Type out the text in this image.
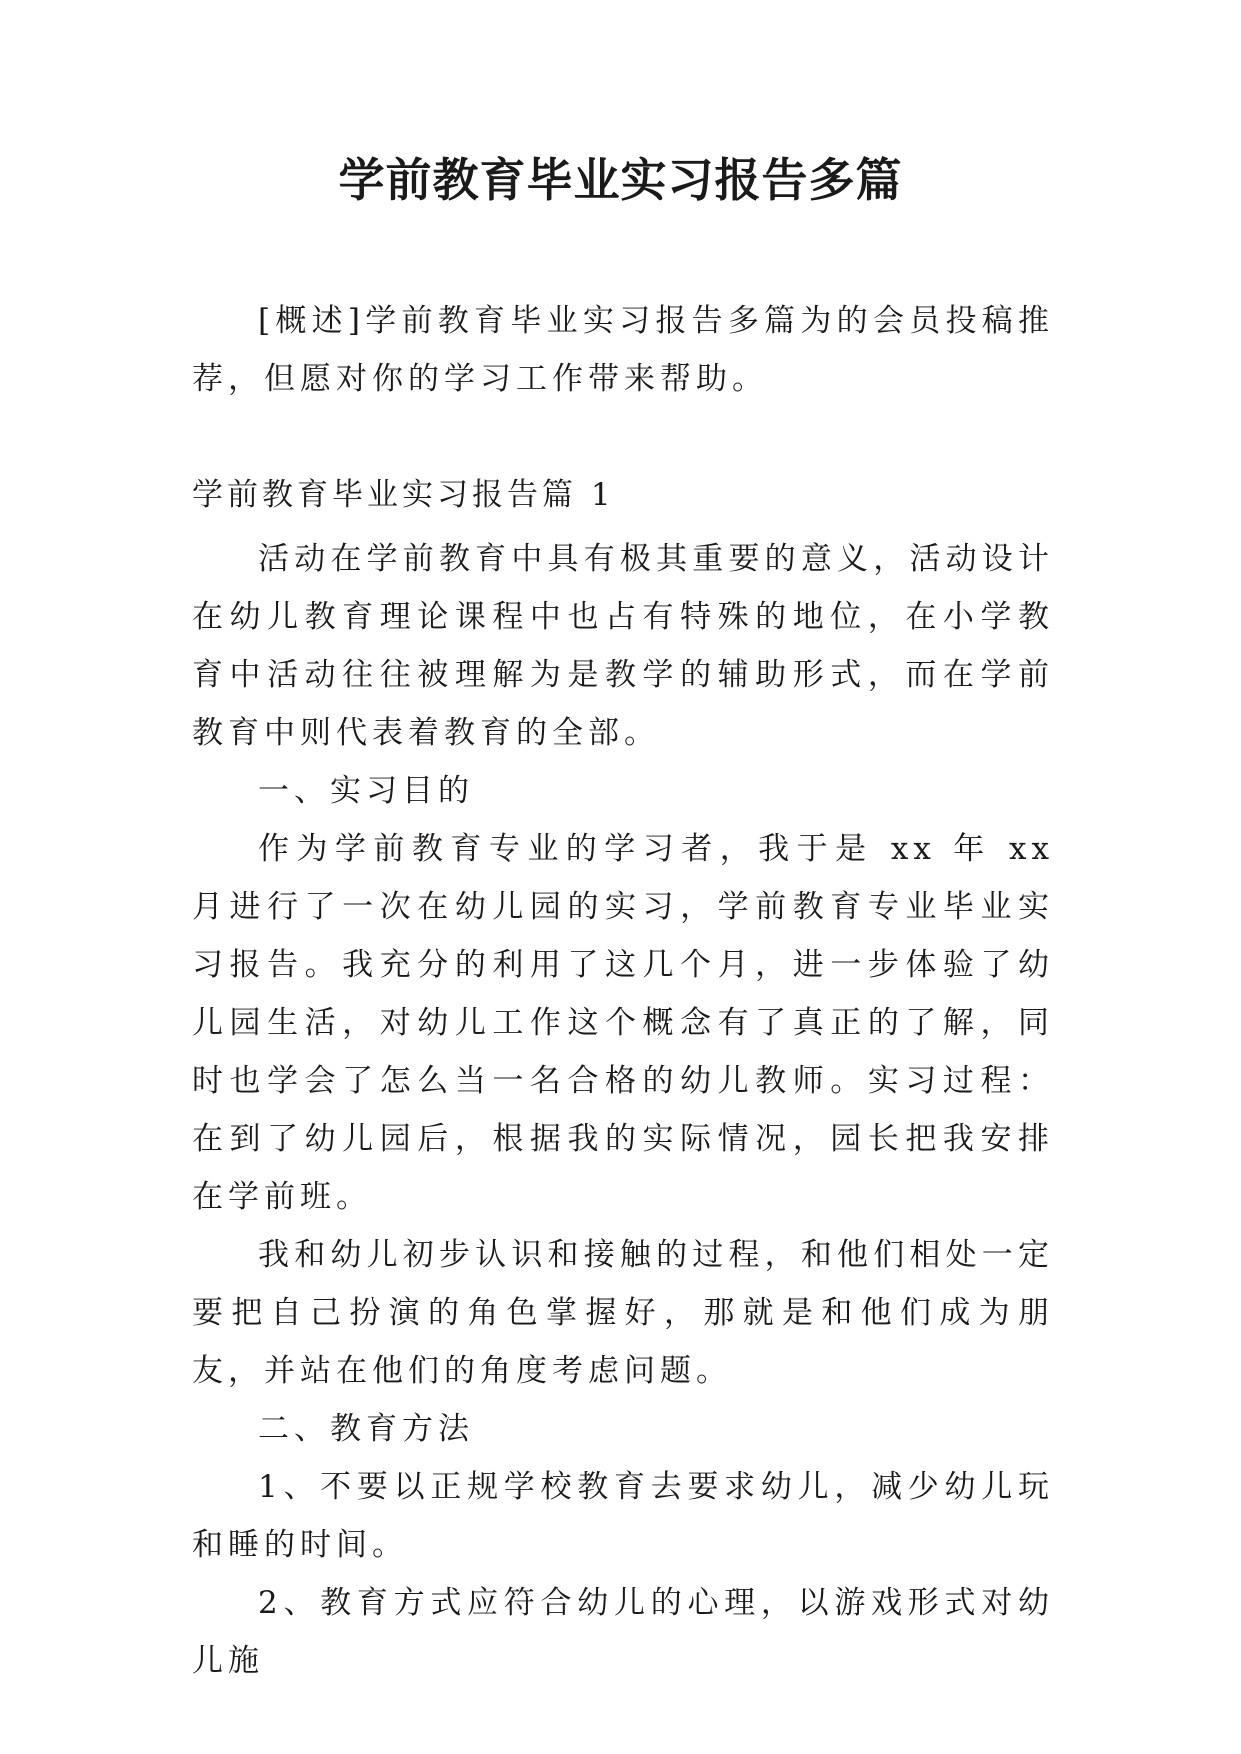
学前教育毕业实习报告多篇

[概述]学前教育毕业实习报告多篇为的会员投稿推荐，但愿对你的学习工作带来帮助。

学前教育毕业实习报告篇 1

活动在学前教育中具有极其重要的意义，活动设计在幼儿教育理论课程中也占有特殊的地位，在小学教育中活动往往被理解为是教学的辅助形式，而在学前教育中则代表着教育的全部。

一、实习目的

作为学前教育专业的学习者，我于是 xx 年 xx 月进行了一次在幼儿园的实习，学前教育专业毕业实习报告。我充分的利用了这几个月，进一步体验了幼儿园生活，对幼儿工作这个概念有了真正的了解，同时也学会了怎么当一名合格的幼儿教师。实习过程：在到了幼儿园后，根据我的实际情况，园长把我安排在学前班。

我和幼儿初步认识和接触的过程，和他们相处一定要把自己扮演的角色掌握好，那就是和他们成为朋友，并站在他们的角度考虑问题。

二、教育方法

1、不要以正规学校教育去要求幼儿，减少幼儿玩和睡的时间。

2、教育方式应符合幼儿的心理，以游戏形式对幼儿施
